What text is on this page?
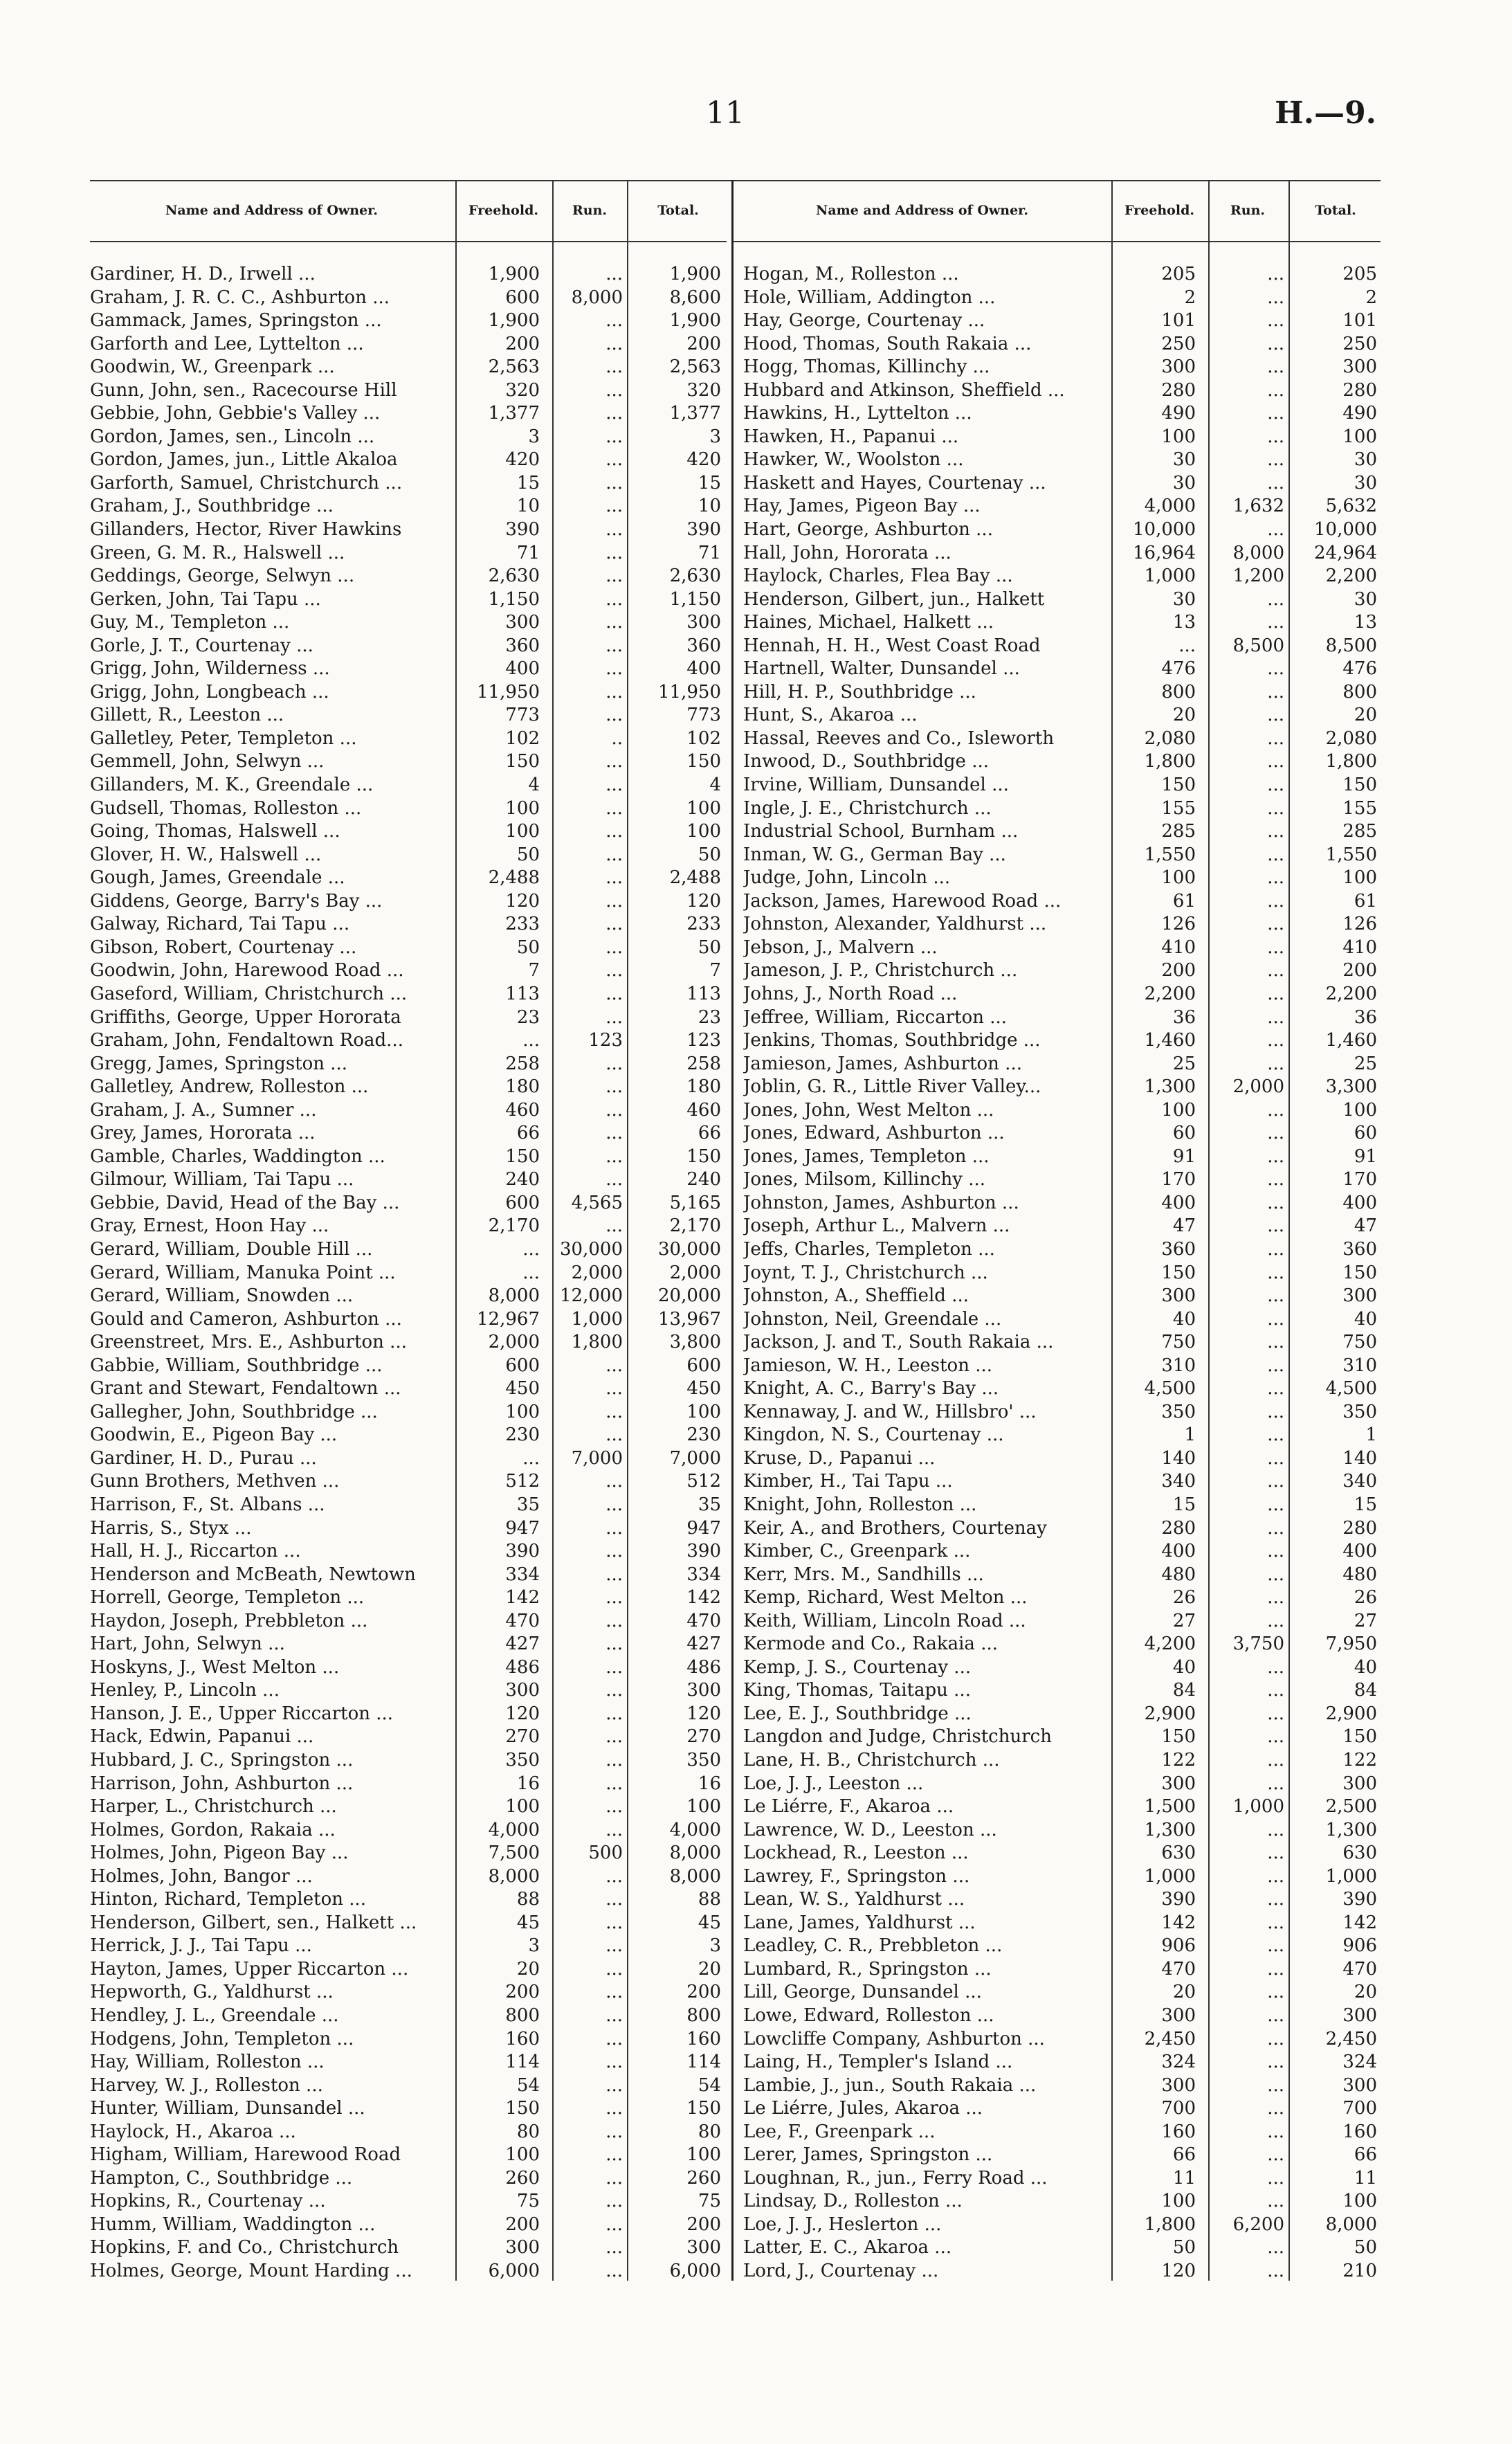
11	H.—9.
Name and Address of Owner.	Freehold.	Run.	Total.
Gardiner, H. D., Irwell ...	1,900	...	1,900
Graham, J. R. C. C., Ashburton ...	600	8,000	8,600
Gammack, James, Springston ...	1,900	...	1,900
Garforth and Lee, Lyttelton ...	200	...	200
Goodwin, W., Greenpark ...	2,563	...	2,563
Gunn, John, sen., Racecourse Hill	320	...	320
Gebbie, John, Gebbie's Valley ...	1,377	...	1,377
Gordon, James, sen., Lincoln ...	3	...	3
Gordon, James, jun., Little Akaloa	420	...	420
Garforth, Samuel, Christchurch ...	15	...	15
Graham, J., Southbridge ...	10	...	10
Gillanders, Hector, River Hawkins	390	...	390
Green, G. M. R., Halswell ...	71	...	71
Geddings, George, Selwyn ...	2,630	...	2,630
Gerken, John, Tai Tapu ...	1,150	...	1,150
Guy, M., Templeton ...	300	...	300
Gorle, J. T., Courtenay ...	360	...	360
Grigg, John, Wilderness ...	400	...	400
Grigg, John, Longbeach ...	11,950	...	11,950
Gillett, R., Leeston ...	773	...	773
Galletley, Peter, Templeton ...	102	..	102
Gemmell, John, Selwyn ...	150	...	150
Gillanders, M. K., Greendale ...	4	...	4
Gudsell, Thomas, Rolleston ...	100	...	100
Going, Thomas, Halswell ...	100	...	100
Glover, H. W., Halswell ...	50	...	50
Gough, James, Greendale ...	2,488	...	2,488
Giddens, George, Barry's Bay ...	120	...	120
Galway, Richard, Tai Tapu ...	233	...	233
Gibson, Robert, Courtenay ...	50	...	50
Goodwin, John, Harewood Road ...	7	...	7
Gaseford, William, Christchurch ...	113	...	113
Griffiths, George, Upper Hororata	23	...	23
Graham, John, Fendaltown Road...	...	123	123
Gregg, James, Springston ...	258	...	258
Galletley, Andrew, Rolleston ...	180	...	180
Graham, J. A., Sumner ...	460	...	460
Grey, James, Hororata ...	66	...	66
Gamble, Charles, Waddington ...	150	...	150
Gilmour, William, Tai Tapu ...	240	...	240
Gebbie, David, Head of the Bay ...	600	4,565	5,165
Gray, Ernest, Hoon Hay ...	2,170	...	2,170
Gerard, William, Double Hill ...	... 30,000	30,000
Gerard, William, Manuka Point ...	...	2,000	2,000
Gerard, William, Snowden ...	8,000 12,000	20,000
Gould and Cameron, Ashburton ...	12,967	1,000	13,967
Greenstreet, Mrs. E., Ashburton ...	2,000	1,800	3,800
Gabbie, William, Southbridge ...	600	...	600
Grant and Stewart, Fendaltown ...	450	...	450
Gallegher, John, Southbridge ...	100	...	100
Goodwin, E., Pigeon Bay ...	230	...	230
Gardiner, H. D., Purau ...	...	7,000	7,000
Gunn Brothers, Methven ...	512	...	512
Harrison, F., St. Albans ...	35	...	35
Harris, S., Styx ...	947	...	947
Hall, H. J., Riccarton ...	390	...	390
Henderson and McBeath, Newtown	334	...	334
Horrell, George, Templeton ...	142	...	142
Haydon, Joseph, Prebbleton ...	470	...	470
Hart, John, Selwyn ...	427	...	427
Hoskyns, J., West Melton ...	486	...	486
Henley, P., Lincoln ...	300	...	300
Hanson, J. E., Upper Riccarton ...	120	...	120
Hack, Edwin, Papanui ...	270	...	270
Hubbard, J. C., Springston ...	350	...	350
Harrison, John, Ashburton ...	16	...	16
Harper, L., Christchurch ...	100	...	100
Holmes, Gordon, Rakaia ...	4,000	...	4,000
Holmes, John, Pigeon Bay ...	7,500	500	8,000
Holmes, John, Bangor ...	8,000	...	8,000
Hinton, Richard, Templeton ...	88	...	88
Henderson, Gilbert, sen., Halkett ...	45	...	45
Herrick, J. J., Tai Tapu ...	3	...	3
Hayton, James, Upper Riccarton ...	20	...	20
Hepworth, G., Yaldhurst ...	200	...	200
Hendley, J. L., Greendale ...	800	...	800
Hodgens, John, Templeton ...	160	...	160
Hay, William, Rolleston ...	114	...	114
Harvey, W. J., Rolleston ...	54	...	54
Hunter, William, Dunsandel ...	150	...	150
Haylock, H., Akaroa ...	80	...	80
Higham, William, Harewood Road	100	...	100
Hampton, C., Southbridge ...	260	...	260
Hopkins, R., Courtenay ...	75	...	75
Humm, William, Waddington ...	200	...	200
Hopkins, F. and Co., Christchurch	300	...	300
Holmes, George, Mount Harding ...	6,000	...	6,000
Name and Address of Owner.	Freehold.	Run.	Total.
Hogan, M., Rolleston ...	205	...	205
Hole, William, Addington ...	2	...	2
Hay, George, Courtenay ...	101	...	101
Hood, Thomas, South Rakaia ...	250	...	250
Hogg, Thomas, Killinchy ...	300	...	300
Hubbard and Atkinson, Sheffield ...	280	...	280
Hawkins, H., Lyttelton ...	490	...	490
Hawken, H., Papanui ...	100	...	100
Hawker, W., Woolston ...	30	...	30
Haskett and Hayes, Courtenay ...	30	...	30
Hay, James, Pigeon Bay ...	4,000	1,632	5,632
Hart, George, Ashburton ...	10,000	...	10,000
Hall, John, Hororata ...	16,964	8,000	24,964
Haylock, Charles, Flea Bay ...	1,000	1,200	2,200
Henderson, Gilbert, jun., Halkett	30	...	30
Haines, Michael, Halkett ...	13	...	13
Hennah, H. H., West Coast Road	...	8,500	8,500
Hartnell, Walter, Dunsandel ...	476	...	476
Hill, H. P., Southbridge ...	800	...	800
Hunt, S., Akaroa ...	20	...	20
Hassal, Reeves and Co., Isleworth	2,080	...	2,080
Inwood, D., Southbridge ...	1,800	...	1,800
Irvine, William, Dunsandel ...	150	...	150
Ingle, J. E., Christchurch ...	155	...	155
Industrial School, Burnham ...	285	...	285
Inman, W. G., German Bay ...	1,550	...	1,550
Judge, John, Lincoln ...	100	...	100
Jackson, James, Harewood Road ...	61	...	61
Johnston, Alexander, Yaldhurst ...	126	...	126
Jebson, J., Malvern ...	410	...	410
Jameson, J. P., Christchurch ...	200	...	200
Johns, J., North Road ...	2,200	...	2,200
Jeffree, William, Riccarton ...	36	...	36
Jenkins, Thomas, Southbridge ...	1,460	...	1,460
Jamieson, James, Ashburton ...	25	...	25
Joblin, G. R., Little River Valley...	1,300	2,000	3,300
Jones, John, West Melton ...	100	...	100
Jones, Edward, Ashburton ...	60	...	60
Jones, James, Templeton ...	91	...	91
Jones, Milsom, Killinchy ...	170	...	170
Johnston, James, Ashburton ...	400	...	400
Joseph, Arthur L., Malvern ...	47	...	47
Jeffs, Charles, Templeton ...	360	...	360
Joynt, T. J., Christchurch ...	150	...	150
Johnston, A., Sheffield ...	300	...	300
Johnston, Neil, Greendale ...	40	...	40
Jackson, J. and T., South Rakaia ...	750	...	750
Jamieson, W. H., Leeston ...	310	...	310
Knight, A. C., Barry's Bay ...	4,500	...	4,500
Kennaway, J. and W., Hillsbro' ...	350	...	350
Kingdon, N. S., Courtenay ...	1	...	1
Kruse, D., Papanui ...	140	...	140
Kimber, H., Tai Tapu ...	340	...	340
Knight, John, Rolleston ...	15	...	15
Keir, A., and Brothers, Courtenay	280	...	280
Kimber, C., Greenpark ...	400	...	400
Kerr, Mrs. M., Sandhills ...	480	...	480
Kemp, Richard, West Melton ...	26	...	26
Keith, William, Lincoln Road ...	27	...	27
Kermode and Co., Rakaia ...	4,200	3,750	7,950
Kemp, J. S., Courtenay ...	40	...	40
King, Thomas, Taitapu ...	84	...	84
Lee, E. J., Southbridge ...	2,900	...	2,900
Langdon and Judge, Christchurch	150	...	150
Lane, H. B., Christchurch ...	122	...	122
Loe, J. J., Leeston ...	300	...	300
Le Liérre, F., Akaroa ...	1,500	1,000	2,500
Lawrence, W. D., Leeston ...	1,300	...	1,300
Lockhead, R., Leeston ...	630	...	630
Lawrey, F., Springston ...	1,000	...	1,000
Lean, W. S., Yaldhurst ...	390	...	390
Lane, James, Yaldhurst ...	142	...	142
Leadley, C. R., Prebbleton ...	906	...	906
Lumbard, R., Springston ...	470	...	470
Lill, George, Dunsandel ...	20	...	20
Lowe, Edward, Rolleston ...	300	...	300
Lowcliffe Company, Ashburton ...	2,450	...	2,450
Laing, H., Templer's Island ...	324	...	324
Lambie, J., jun., South Rakaia ...	300	...	300
Le Liérre, Jules, Akaroa ...	700	...	700
Lee, F., Greenpark ...	160	...	160
Lerer, James, Springston ...	66	...	66
Loughnan, R., jun., Ferry Road ...	11	...	11
Lindsay, D., Rolleston ...	100	...	100
Loe, J. J., Heslerton ...	1,800	6,200	8,000
Latter, E. C., Akaroa ...	50	...	50
Lord, J., Courtenay ...	120	...	210
